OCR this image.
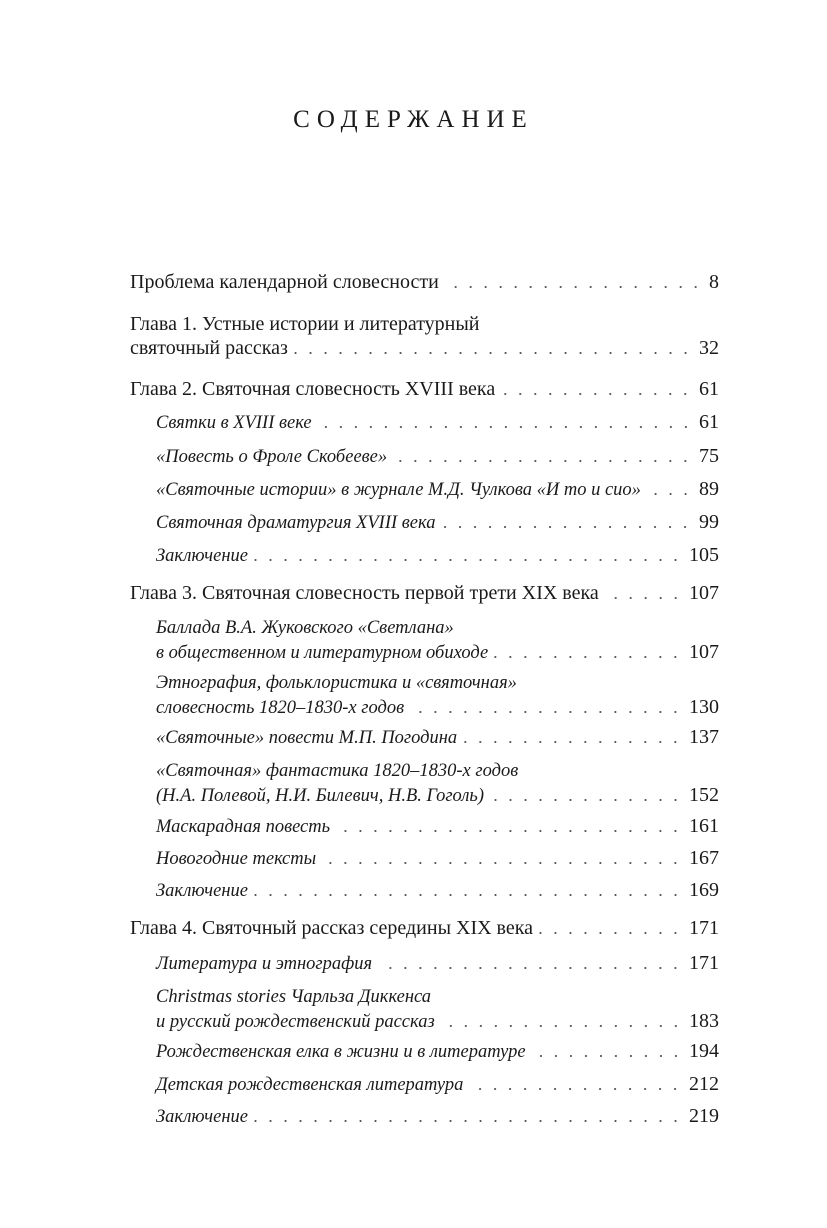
СОДЕРЖАНИЕ
Проблема календарной словесности	8
Глава 1. Устные истории и литературный
святочный рассказ	32
Глава 2. Святочная словесность XVIII века	61
Святки в XVIII веке	61
«Повесть о Фроле Скобееве»	75
«Святочные истории» в журнале М.Д. Чулкова «И то и сио»	89
Святочная драматургия XVIII века	99
Заключение	105
Глава 3. Святочная словесность первой трети XIX века	107
Баллада В.А. Жуковского «Светлана»
в общественном и литературном обиходе	107
Этнография, фольклористика и «святочная»
словесность 1820–1830-х годов	130
«Святочные» повести М.П. Погодина	137
«Святочная» фантастика 1820–1830-х годов
(Н.А. Полевой, Н.И. Билевич, Н.В. Гоголь)	152
Маскарадная повесть	161
Новогодние тексты	167
Заключение	169
Глава 4. Святочный рассказ середины XIX века	171
Литература и этнография	171
Christmas stories Чарльза Диккенса
и русский рождественский рассказ	183
Рождественская елка в жизни и в литературе	194
Детская рождественская литература	212
Заключение	219
